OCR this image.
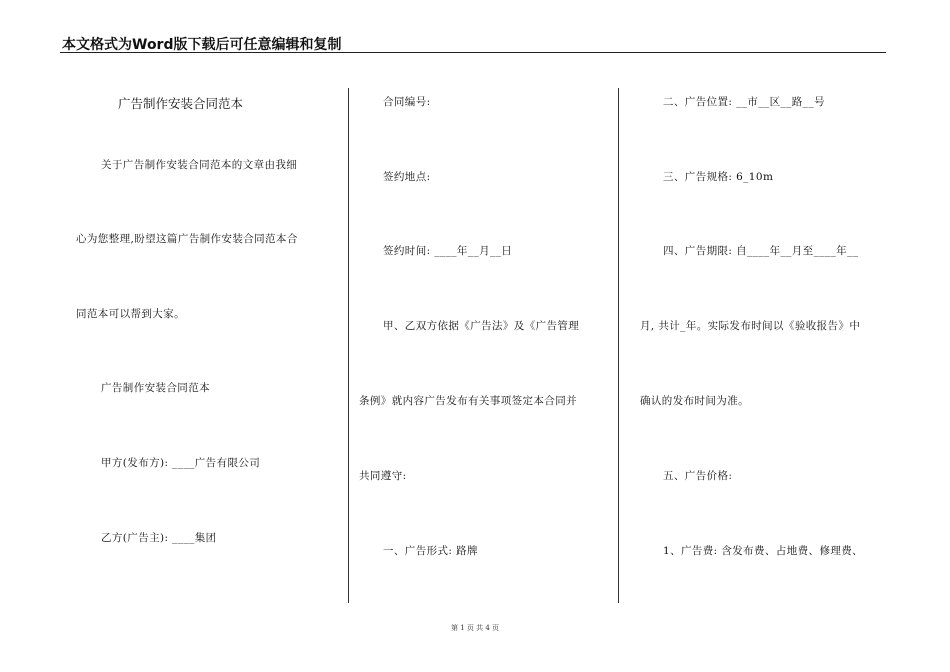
本文格式为Word版下载后可任意编辑和复制
广告制作安装合同范本
关于广告制作安装合同范本的文章由我细
心为您整理,盼望这篇广告制作安装合同范本合
同范本可以帮到大家。
广告制作安装合同范本
甲方(发布方): ____广告有限公司
乙方(广告主): ____集团
合同编号:
签约地点:
签约时间: ____年__月__日
甲、乙双方依据《广告法》及《广告管理
条例》就内容广告发布有关事项签定本合同并
共同遵守:
一、广告形式: 路牌
二、广告位置: __市__区__路__号
三、广告规格: 6_10m
四、广告期限: 自____年__月至____年__
月, 共计_年。实际发布时间以《验收报告》中
确认的发布时间为准。
五、广告价格:
1、广告费: 含发布费、占地费、修理费、
第 1 页 共 4 页
